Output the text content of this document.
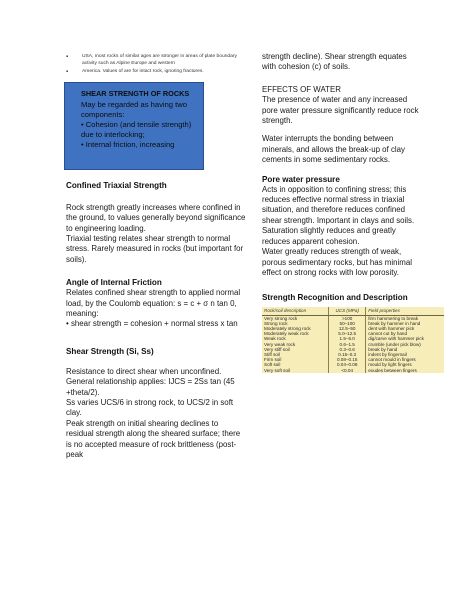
▪	USA, most rocks of similar ages are stronger in areas of plate boundary activity such as Alpine Europe and western
▪	America. Values of are for intact rock, ignoring fractures.
SHEAR STRENGTH OF ROCKS
May be regarded as having two components:
• Cohesion (and tensile strength) due to interlocking;
• Internal friction, increasing

Confined Triaxial Strength

Rock strength greatly increases where confined in the ground, to values generally beyond significance to engineering loading.

Triaxial testing relates shear strength to normal stress. Rarely measured in rocks (but important for soils).

Angle of Internal Friction

Relates confined shear strength to applied normal load, by the Coulomb equation: s = c + σ n tan 0, meaning:

• shear strength = cohesion + normal stress x tan

Shear Strength (Si, Ss)

Resistance to direct shear when unconfined.

General relationship applies: IJCS = 2Ss tan (45 +theta/2).

Ss varies UCS/6 in strong rock, to UCS/2 in soft clay.

Peak strength on initial shearing declines to residual strength along the sheared surface; there is no accepted measure of rock brittleness (post-peak

strength decline). Shear strength equates with cohesion (c) of soils.

EFFECTS OF WATER

The presence of water and any increased pore water pressure significantly reduce rock strength.

Water interrupts the bonding between minerals, and allows the break-up of clay cements in some sedimentary rocks.

Pore water pressure

Acts in opposition to confining stress; this reduces effective normal stress in triaxial situation, and therefore reduces confined shear strength. Important in clays and soils.

Saturation slightly reduces and greatly reduces apparent cohesion.

Water greatly reduces strength of weak, porous sedimentary rocks, but has minimal effect on strong rocks with low porosity.

Strength Recognition and Description

Rock/soil description	UCS (MPa)	Field properties
Very strong rock	>100	firm hammering to break
Strong rock	50–100	break by hammer in hand
Moderately strong rock	12.5–50	dent with hammer pick
Moderately weak rock	5.0–12.5	cannot cut by hand
Weak rock	1.5–5.0	dig/carve with hammer pick
Very weak rock	0.6–1.5	crumble (under pick blow)
Very stiff soil	0.3–0.6	break by hand
Stiff soil	0.15–0.3	indent by fingernail
Firm soil	0.08–0.15	cannot mould in fingers
Soft soil	0.04–0.08	mould by light fingers
Very soft soil	<0.04	exudes between fingers
